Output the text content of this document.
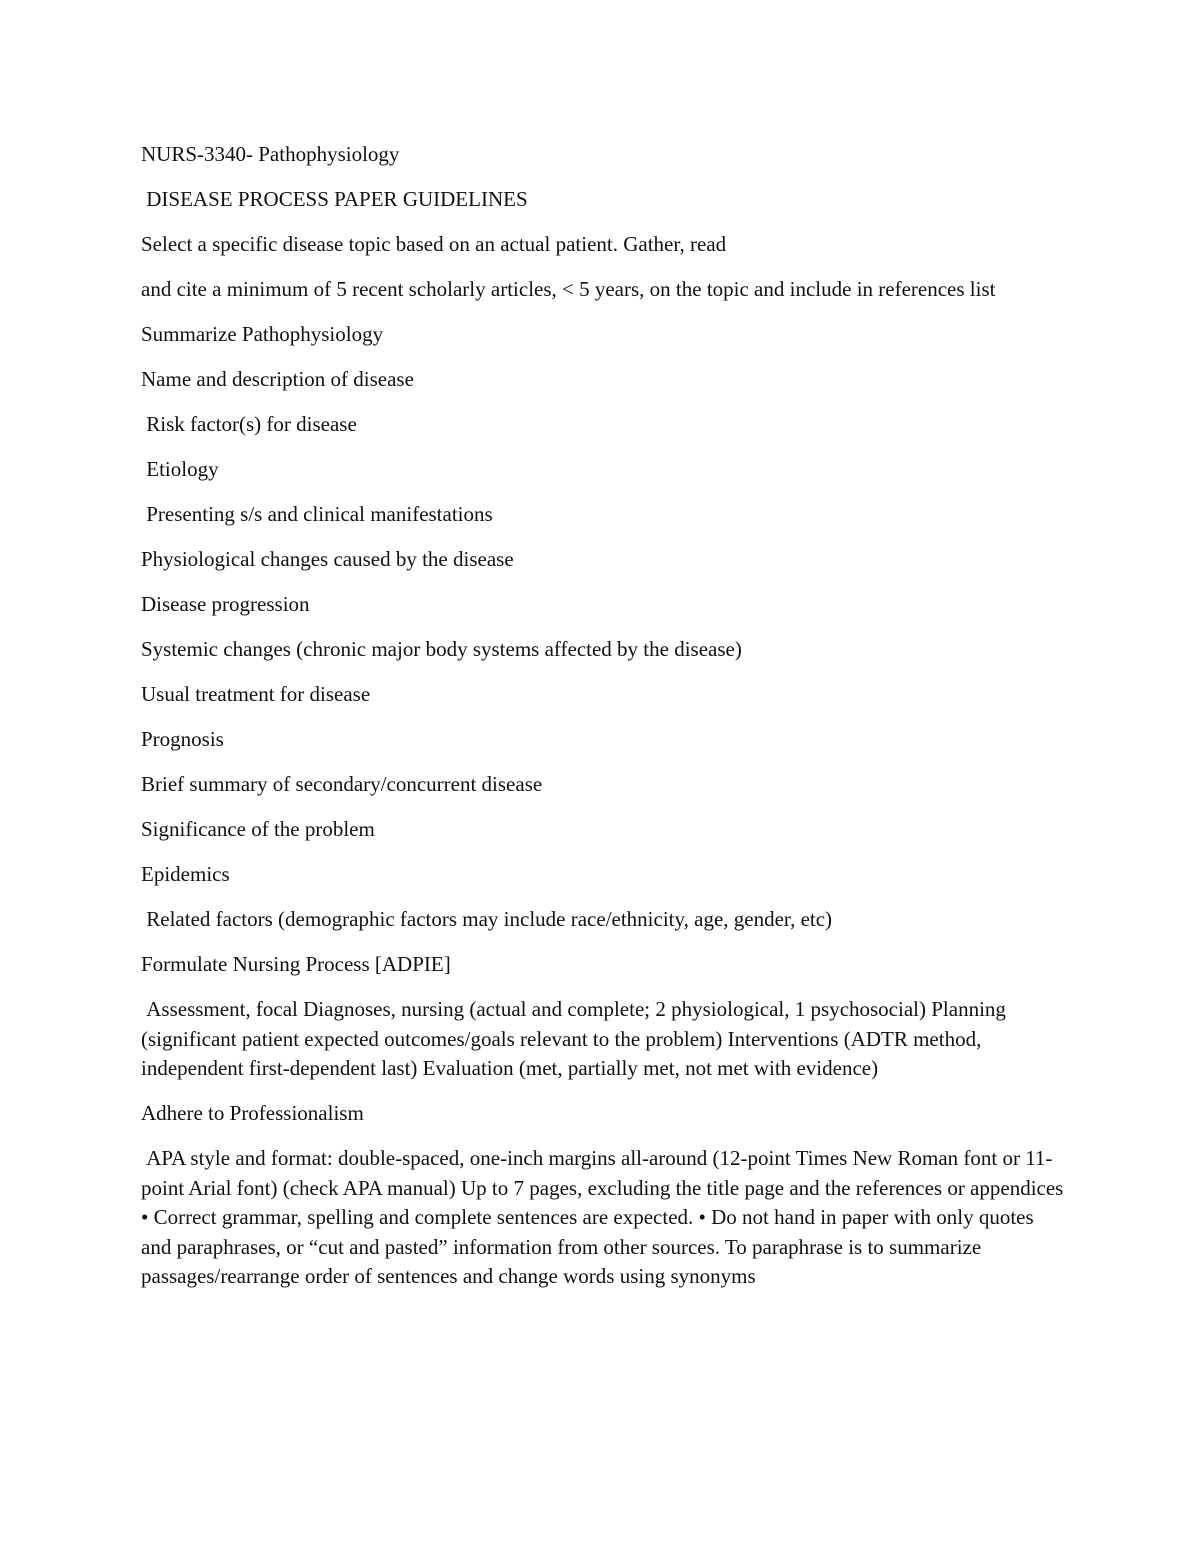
NURS-3340- Pathophysiology

DISEASE PROCESS PAPER GUIDELINES

Select a specific disease topic based on an actual patient. Gather, read

and cite a minimum of 5 recent scholarly articles, < 5 years, on the topic and include in references list

Summarize Pathophysiology

Name and description of disease

Risk factor(s) for disease

Etiology

Presenting s/s and clinical manifestations

Physiological changes caused by the disease

Disease progression

Systemic changes (chronic major body systems affected by the disease)

Usual treatment for disease

Prognosis

Brief summary of secondary/concurrent disease

Significance of the problem

Epidemics

Related factors (demographic factors may include race/ethnicity, age, gender, etc)

Formulate Nursing Process [ADPIE]

Assessment, focal Diagnoses, nursing (actual and complete; 2 physiological, 1 psychosocial) Planning (significant patient expected outcomes/goals relevant to the problem) Interventions (ADTR method, independent first-dependent last) Evaluation (met, partially met, not met with evidence)

Adhere to Professionalism

APA style and format: double-spaced, one-inch margins all-around (12-point Times New Roman font or 11-point Arial font) (check APA manual) Up to 7 pages, excluding the title page and the references or appendices • Correct grammar, spelling and complete sentences are expected. • Do not hand in paper with only quotes and paraphrases, or “cut and pasted” information from other sources. To paraphrase is to summarize passages/rearrange order of sentences and change words using synonyms
